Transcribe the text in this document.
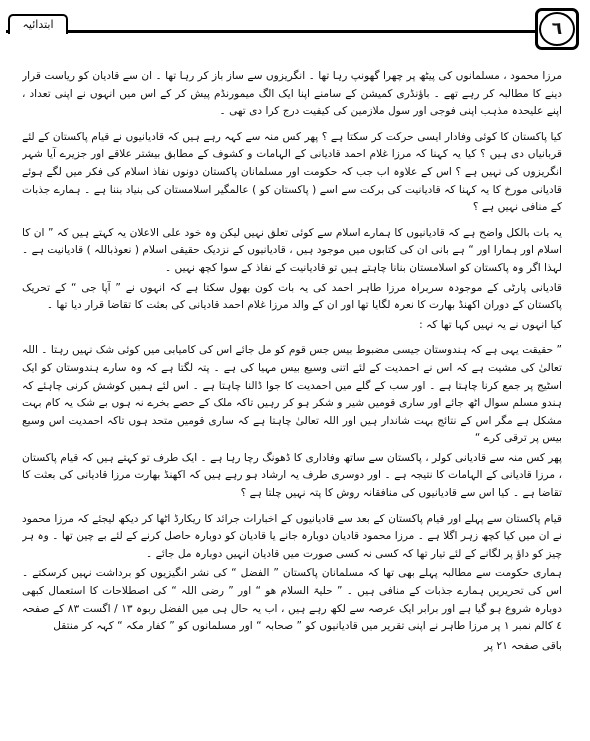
ابتدائیہ	٦

مرزا محمود ، مسلمانوں کی پیٹھ پر چھرا گھونپ رہا تھا ۔ انگریزوں سے ساز باز کر رہا تھا ۔ ان سے قادیان کو ریاست قرار دینے کا مطالبہ کر رہے تھے ۔ باؤنڈری کمیشن کے سامنے اپنا ایک الگ میمورنڈم پیش کر کے اس میں انہوں نے اپنی تعداد ، اپنے علیحدہ مذہب اپنی فوجی اور سول ملازمین کی کیفیت درج کرا دی تھی ۔

کیا پاکستان کا کوئی وفادار ایسی حرکت کر سکتا ہے ؟ پھر کس منہ سے کہہ رہے ہیں کہ قادیانیوں نے قیام پاکستان کے لئے قربانیاں دی ہیں ؟ کیا یہ کہنا کہ مرزا غلام احمد قادیانی کے الہامات و کشوف کے مطابق بیشتر علاقے اور جزیرے آیا شہر انگریزوں کی نہیں ہے ؟ اس کے علاوہ اب جب کہ حکومت اور مسلمانان پاکستان دونوں نفاذ اسلام کی فکر میں لگے ہوئے قادیانی مورخ کا یہ کہنا کہ قادیانیت کی برکت سے اسے ( پاکستان کو ) عالمگیر اسلامستان کی بنیاد بننا ہے ۔ ہمارے جذبات کے منافی نہیں ہے ؟

یہ بات بالکل واضح ہے کہ قادیانیوں کا ہمارے اسلام سے کوئی تعلق نہیں لیکن وہ خود علی الاعلان یہ کہتے ہیں کہ ” ان کا اسلام اور ہمارا اور “ ہے بانی ان کی کتابوں میں موجود ہیں ، قادیانیوں کے نزدیک حقیقی اسلام ( نعوذباللہ ) قادیانیت ہے ۔ لہذا اگر وہ پاکستان کو اسلامستان بنانا چاہتے ہیں تو قادیانیت کے نفاذ کے سوا کچھ نہیں ۔

قادیانی پارٹی کے موجودہ سربراہ مرزا طاہر احمد کی یہ بات کون بھول سکتا ہے کہ انہوں نے ” آپا جی “ کے تحریک پاکستان کے دوران اکھنڈ بھارت کا نعرہ لگایا تھا اور ان کے والد مرزا غلام احمد قادیانی کی بعثت کا تقاضا قرار دیا تھا ۔

کیا انہوں نے یہ نہیں کہا تھا کہ :

” حقیقت یہی ہے کہ ہندوستان جیسی مضبوط بیس جس قوم کو مل جائے اس کی کامیابی میں کوئی شک نہیں رہتا ۔ اللہ تعالیٰ کی مشیت ہے کہ اس نے احمدیت کے لئے اتنی وسیع بیس مہیا کی ہے ۔ پتہ لگتا ہے کہ وہ سارے ہندوستان کو ایک اسٹیج پر جمع کرنا چاہتا ہے ۔ اور سب کے گلے میں احمدیت کا جوا ڈالنا چاہتا ہے ۔ اس لئے ہمیں کوشش کرنی چاہئے کہ ہندو مسلم سوال اٹھ جائے اور ساری قومیں شیر و شکر ہو کر رہیں تاکہ ملک کے حصے بخرے نہ ہوں بے شک یہ کام بہت مشکل ہے مگر اس کے نتائج بہت شاندار ہیں اور اللہ تعالیٰ چاہتا ہے کہ ساری قومیں متحد ہوں تاکہ احمدیت اس وسیع بیس پر ترقی کرے “

پھر کس منہ سے قادیانی کولر ، پاکستان سے ساتھ وفاداری کا ڈھونگ رچا رہا ہے ۔ ایک طرف تو کہتے ہیں کہ قیام پاکستان ، مرزا قادیانی کے الہامات کا نتیجہ ہے ۔ اور دوسری طرف یہ ارشاد ہو رہے ہیں کہ اکھنڈ بھارت مرزا قادیانی کی بعثت کا تقاضا ہے ۔ کیا اس سے قادیانیوں کی منافقانہ روش کا پتہ نہیں چلتا ہے ؟

قیام پاکستان سے پہلے اور قیام پاکستان کے بعد سے قادیانیوں کے اخبارات جرائد کا ریکارڈ اٹھا کر دیکھ لیجئے کہ مرزا محمود نے ان میں کیا کچھ زہر اگلا ہے ۔ مرزا محمود قادیان دوبارہ جانے یا قادیان کو دوبارہ حاصل کرنے کے لئے بے چین تھا ۔ وہ ہر چیز کو داؤ پر لگانے کے لئے تیار تھا کہ کسی نہ کسی صورت میں قادیان انہیں دوبارہ مل جائے ۔

ہماری حکومت سے مطالبہ پہلے بھی تھا کہ مسلمانان پاکستان ” الفضل “ کی نشر انگیزیوں کو برداشت نہیں کرسکتے ۔ اس کی تحریریں ہمارے جذبات کے منافی ہیں ۔ ” حلیۃ السلام ھو “ اور ” رضی اللہ “ کی اصطلاحات کا استعمال کبھی دوبارہ شروع ہو گیا ہے اور برابر ایک عرصہ سے لکھ رہے ہیں ، اب یہ حال ہی میں الفضل ربوہ ١٣ / اگست ٨٣ کے صفحہ ٤ کالم نمبر ١ پر مرزا طاہر نے اپنی تقریر میں قادیانیوں کو ” صحابہ “ اور مسلمانوں کو ” کفار مکہ “ کہہ کر منتقل

باقی صفحہ ٢١ پر
